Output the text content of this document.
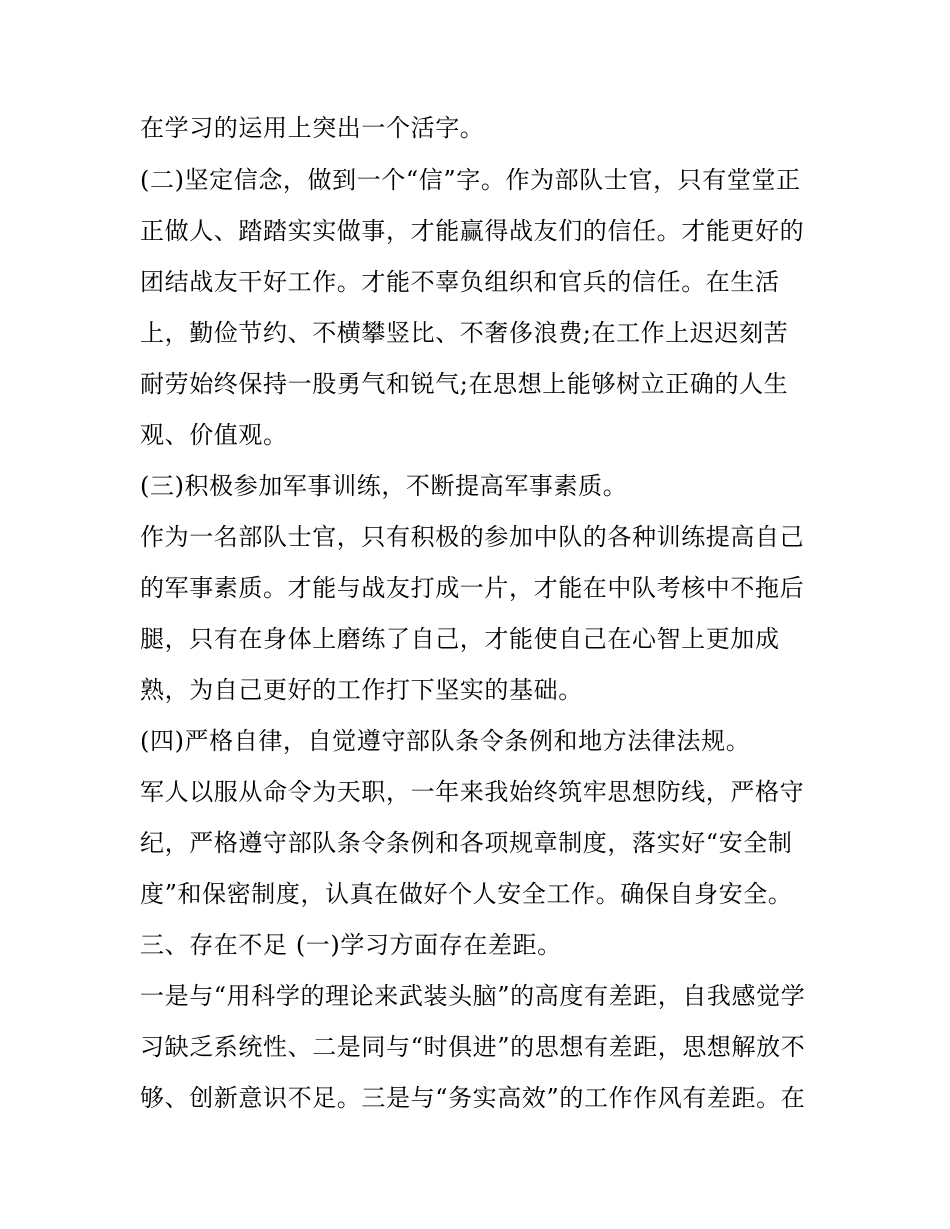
在学习的运用上突出一个活字。
(二)坚定信念，做到一个“信”字。作为部队士官，只有堂堂正
正做人、踏踏实实做事，才能赢得战友们的信任。才能更好的
团结战友干好工作。才能不辜负组织和官兵的信任。在生活
上，勤俭节约、不横攀竖比、不奢侈浪费;在工作上迟迟刻苦
耐劳始终保持一股勇气和锐气;在思想上能够树立正确的人生
观、价值观。
(三)积极参加军事训练，不断提高军事素质。
作为一名部队士官，只有积极的参加中队的各种训练提高自己
的军事素质。才能与战友打成一片，才能在中队考核中不拖后
腿，只有在身体上磨练了自己，才能使自己在心智上更加成
熟，为自己更好的工作打下坚实的基础。
(四)严格自律，自觉遵守部队条令条例和地方法律法规。
军人以服从命令为天职，一年来我始终筑牢思想防线，严格守
纪，严格遵守部队条令条例和各项规章制度，落实好“安全制
度”和保密制度，认真在做好个人安全工作。确保自身安全。
三、存在不足 (一)学习方面存在差距。
一是与“用科学的理论来武装头脑”的高度有差距，自我感觉学
习缺乏系统性、二是同与“时俱进”的思想有差距，思想解放不
够、创新意识不足。三是与“务实高效”的工作作风有差距。在
